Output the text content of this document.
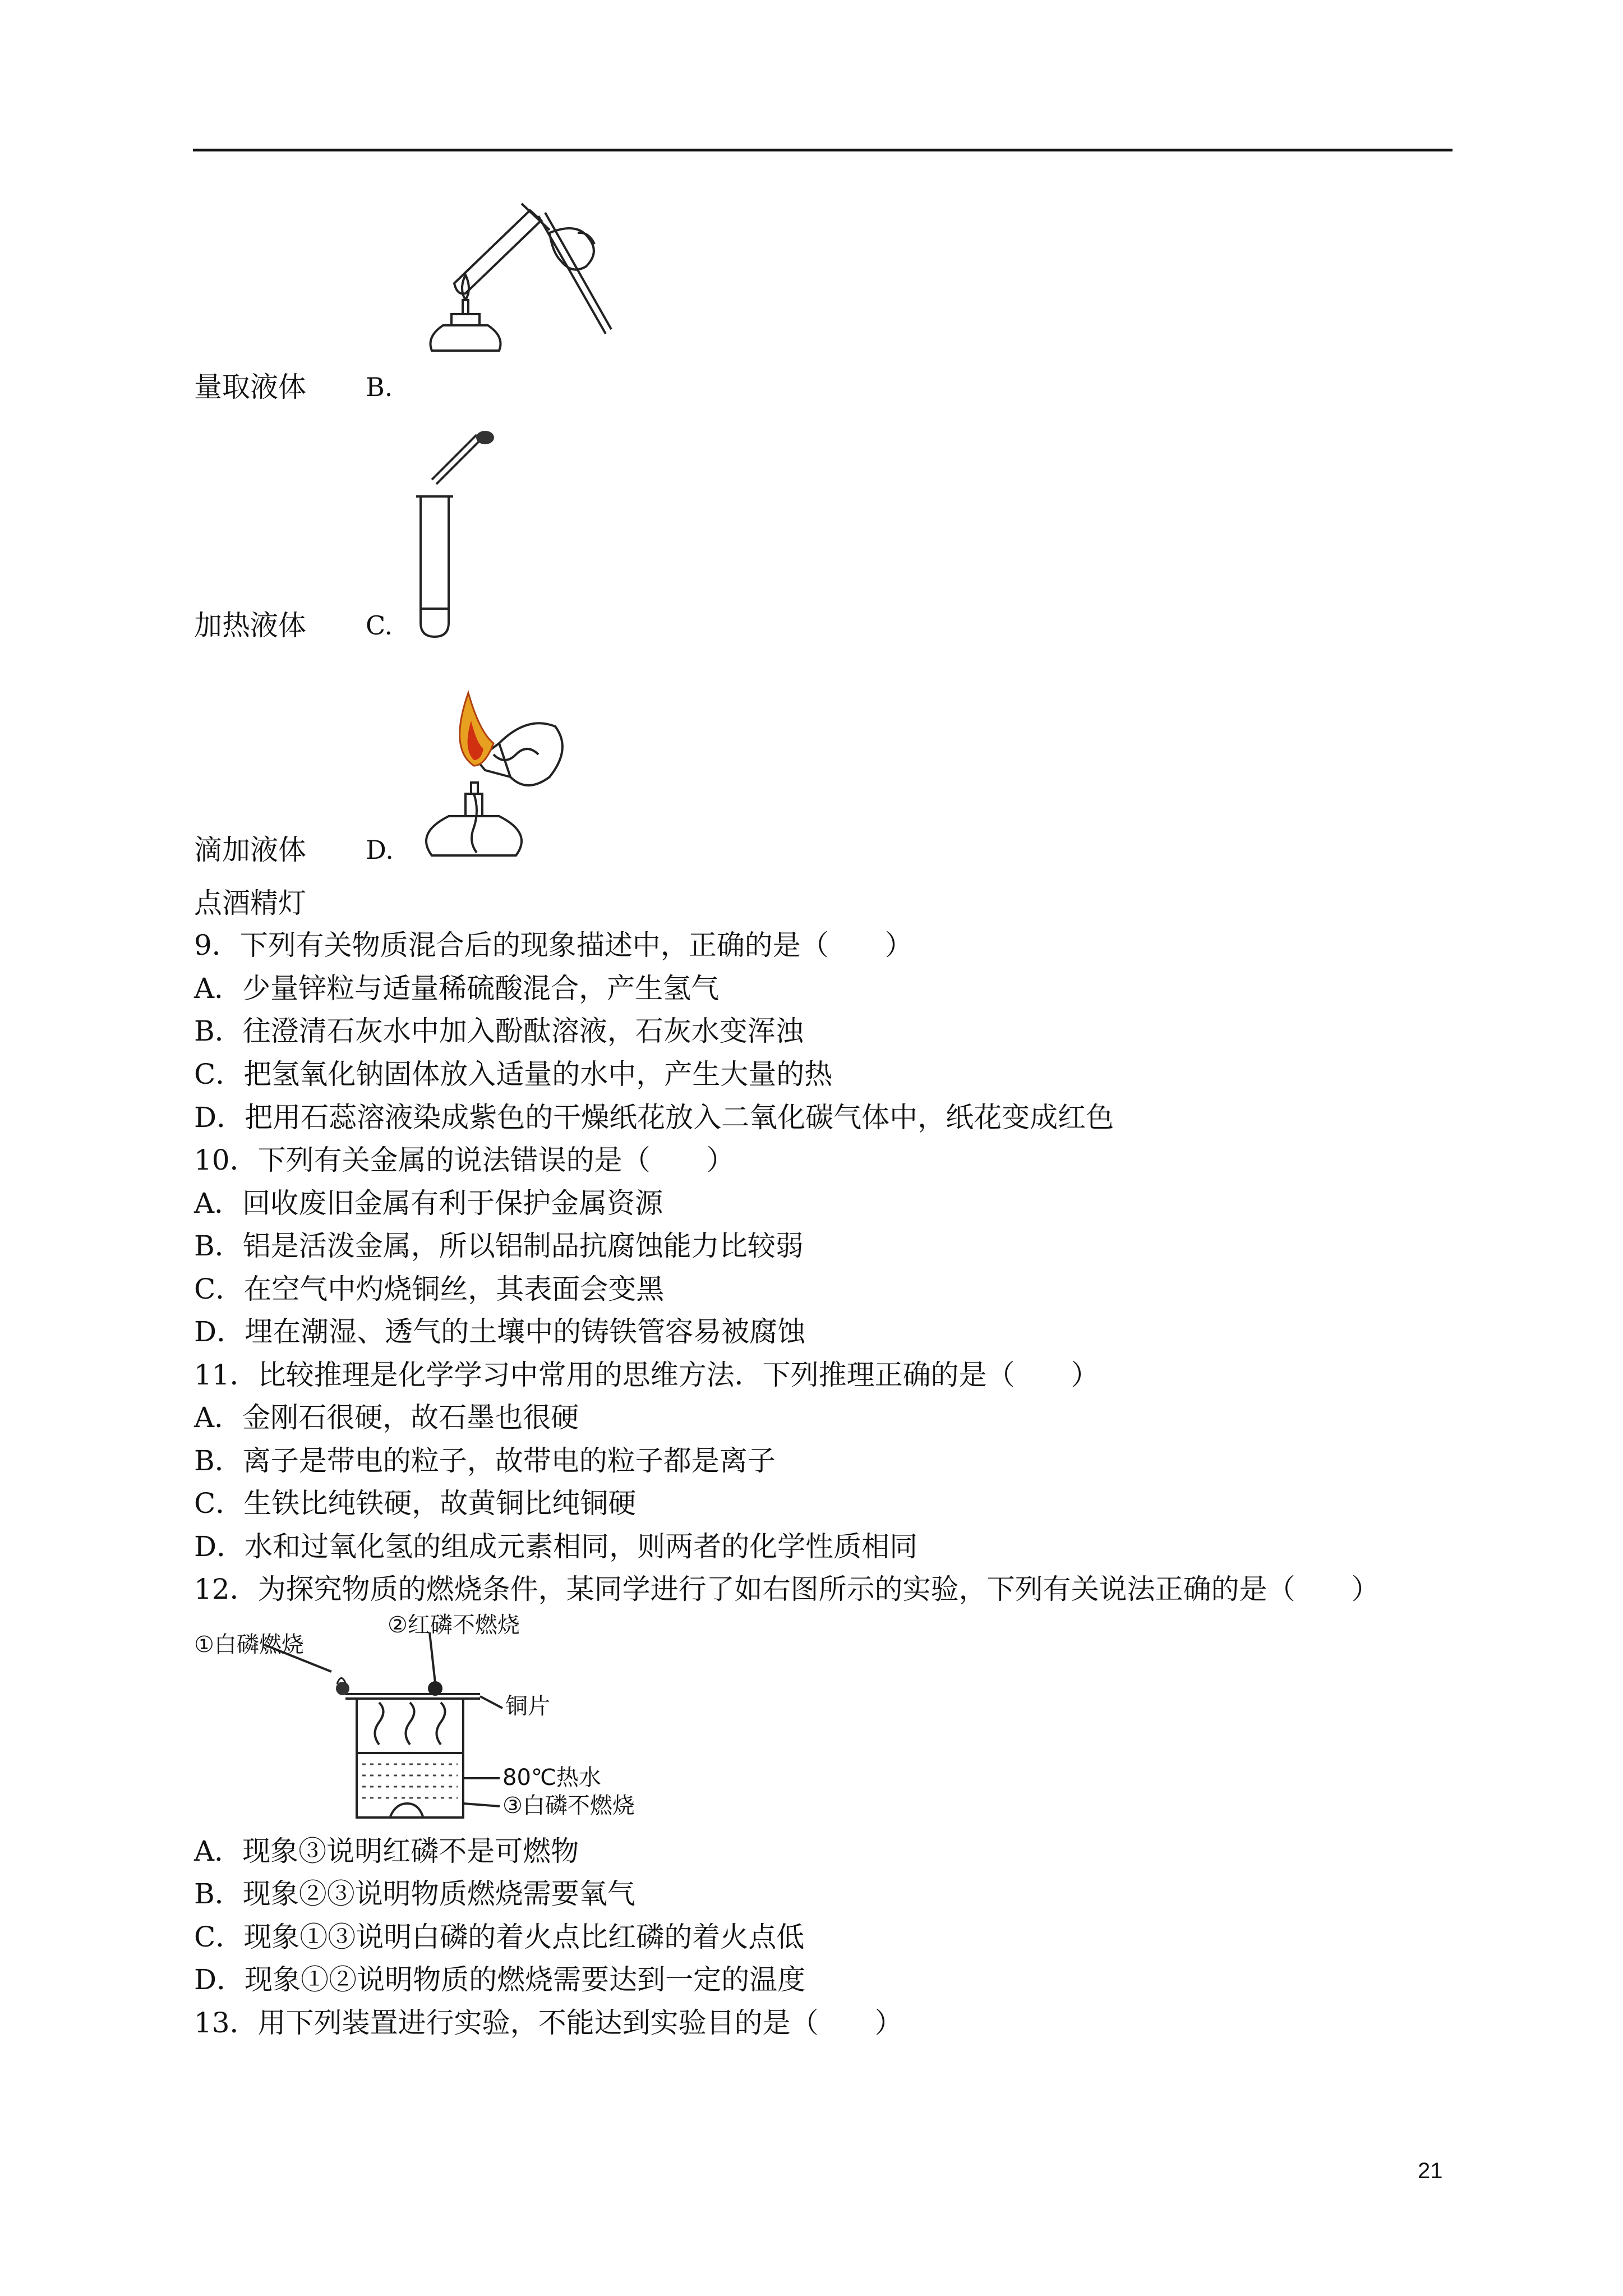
量取液体 B.
加热液体 C.
滴加液体 D.
点酒精灯
9．下列有关物质混合后的现象描述中，正确的是（　　）
A．少量锌粒与适量稀硫酸混合，产生氢气
B．往澄清石灰水中加入酚酞溶液，石灰水变浑浊
C．把氢氧化钠固体放入适量的水中，产生大量的热
D．把用石蕊溶液染成紫色的干燥纸花放入二氧化碳气体中，纸花变成红色
10．下列有关金属的说法错误的是（　　）
A．回收废旧金属有利于保护金属资源
B．铝是活泼金属，所以铝制品抗腐蚀能力比较弱
C．在空气中灼烧铜丝，其表面会变黑
D．埋在潮湿、透气的土壤中的铸铁管容易被腐蚀
11．比较推理是化学学习中常用的思维方法．下列推理正确的是（　　）
A．金刚石很硬，故石墨也很硬
B．离子是带电的粒子，故带电的粒子都是离子
C．生铁比纯铁硬，故黄铜比纯铜硬
D．水和过氧化氢的组成元素相同，则两者的化学性质相同
12．为探究物质的燃烧条件，某同学进行了如右图所示的实验，下列有关说法正确的是（　　）
①白磷燃烧
②红磷不燃烧
铜片
80℃热水
③白磷不燃烧
A．现象③说明红磷不是可燃物
B．现象②③说明物质燃烧需要氧气
C．现象①③说明白磷的着火点比红磷的着火点低
D．现象①②说明物质的燃烧需要达到一定的温度
13．用下列装置进行实验，不能达到实验目的是（　　）
21
